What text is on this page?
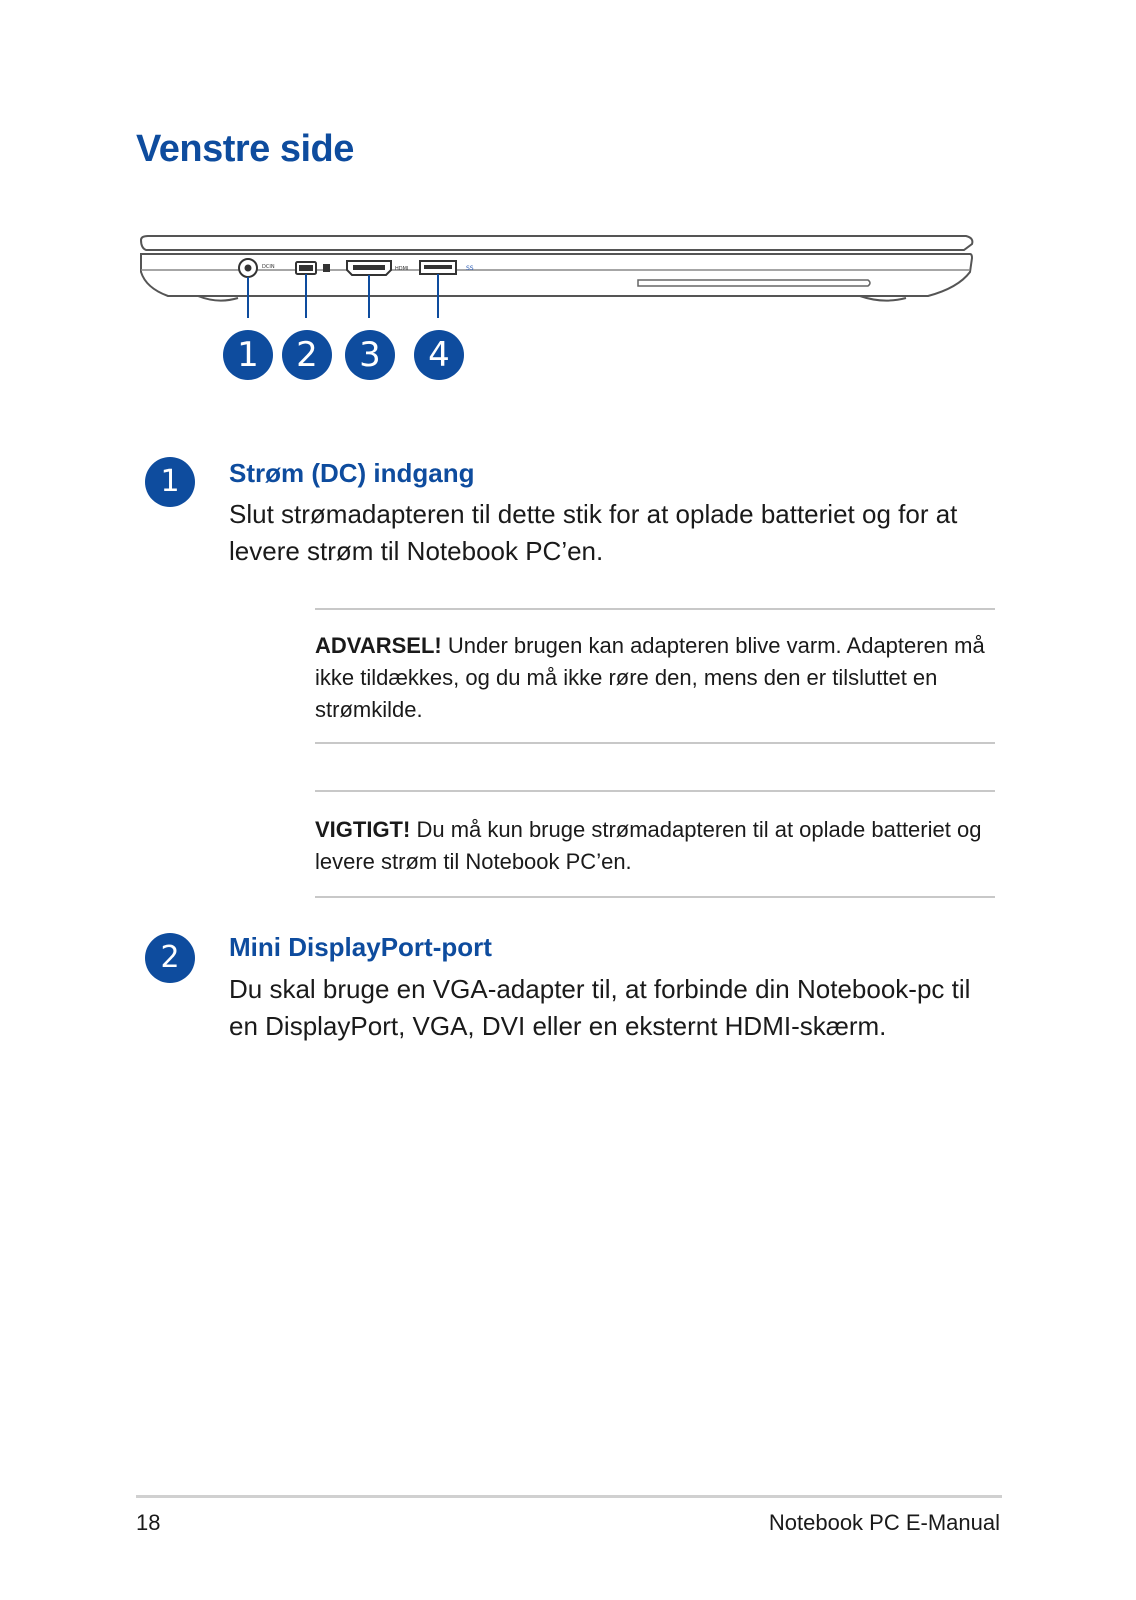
Venstre side
DCIN	HDMI	SS
1	2	3	4
1	Strøm (DC) indgang

Slut strømadapteren til dette stik for at oplade batteriet og for at levere strøm til Notebook PC’en.

ADVARSEL! Under brugen kan adapteren blive varm. Adapteren må ikke tildækkes, og du må ikke røre den, mens den er tilsluttet en strømkilde.

VIGTIGT! Du må kun bruge strømadapteren til at oplade batteriet og levere strøm til Notebook PC’en.

2	Mini DisplayPort-port

Du skal bruge en VGA-adapter til, at forbinde din Notebook-pc til en DisplayPort, VGA, DVI eller en eksternt HDMI-skærm.

18	Notebook PC E-Manual
